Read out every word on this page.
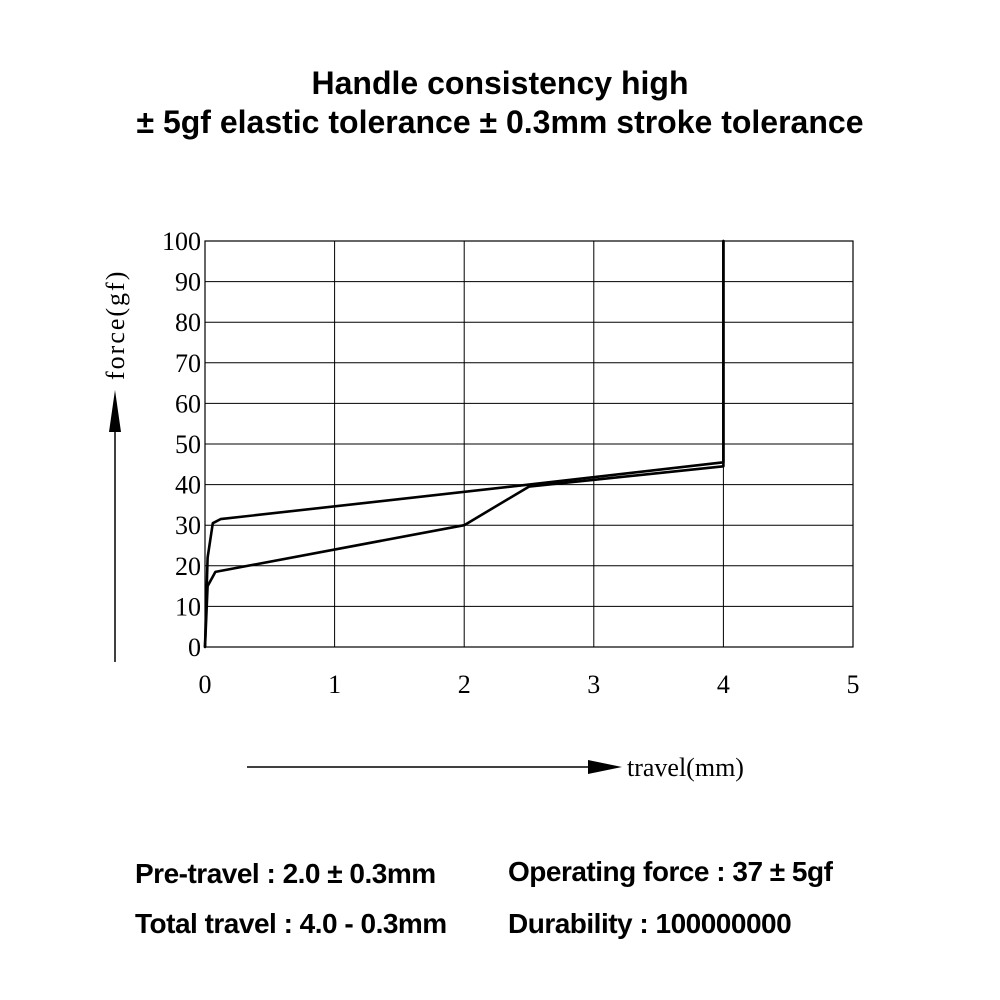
Handle consistency high
± 5gf elastic tolerance ± 0.3mm stroke tolerance
0	1	2	3	4	5
0
10
20
30
40
50
60
70
80
90
100
force(gf)
travel(mm)
Pre-travel : 2.0 ± 0.3mm	Operating force : 37 ± 5gf
Total travel : 4.0 - 0.3mm Durability : 100000000
